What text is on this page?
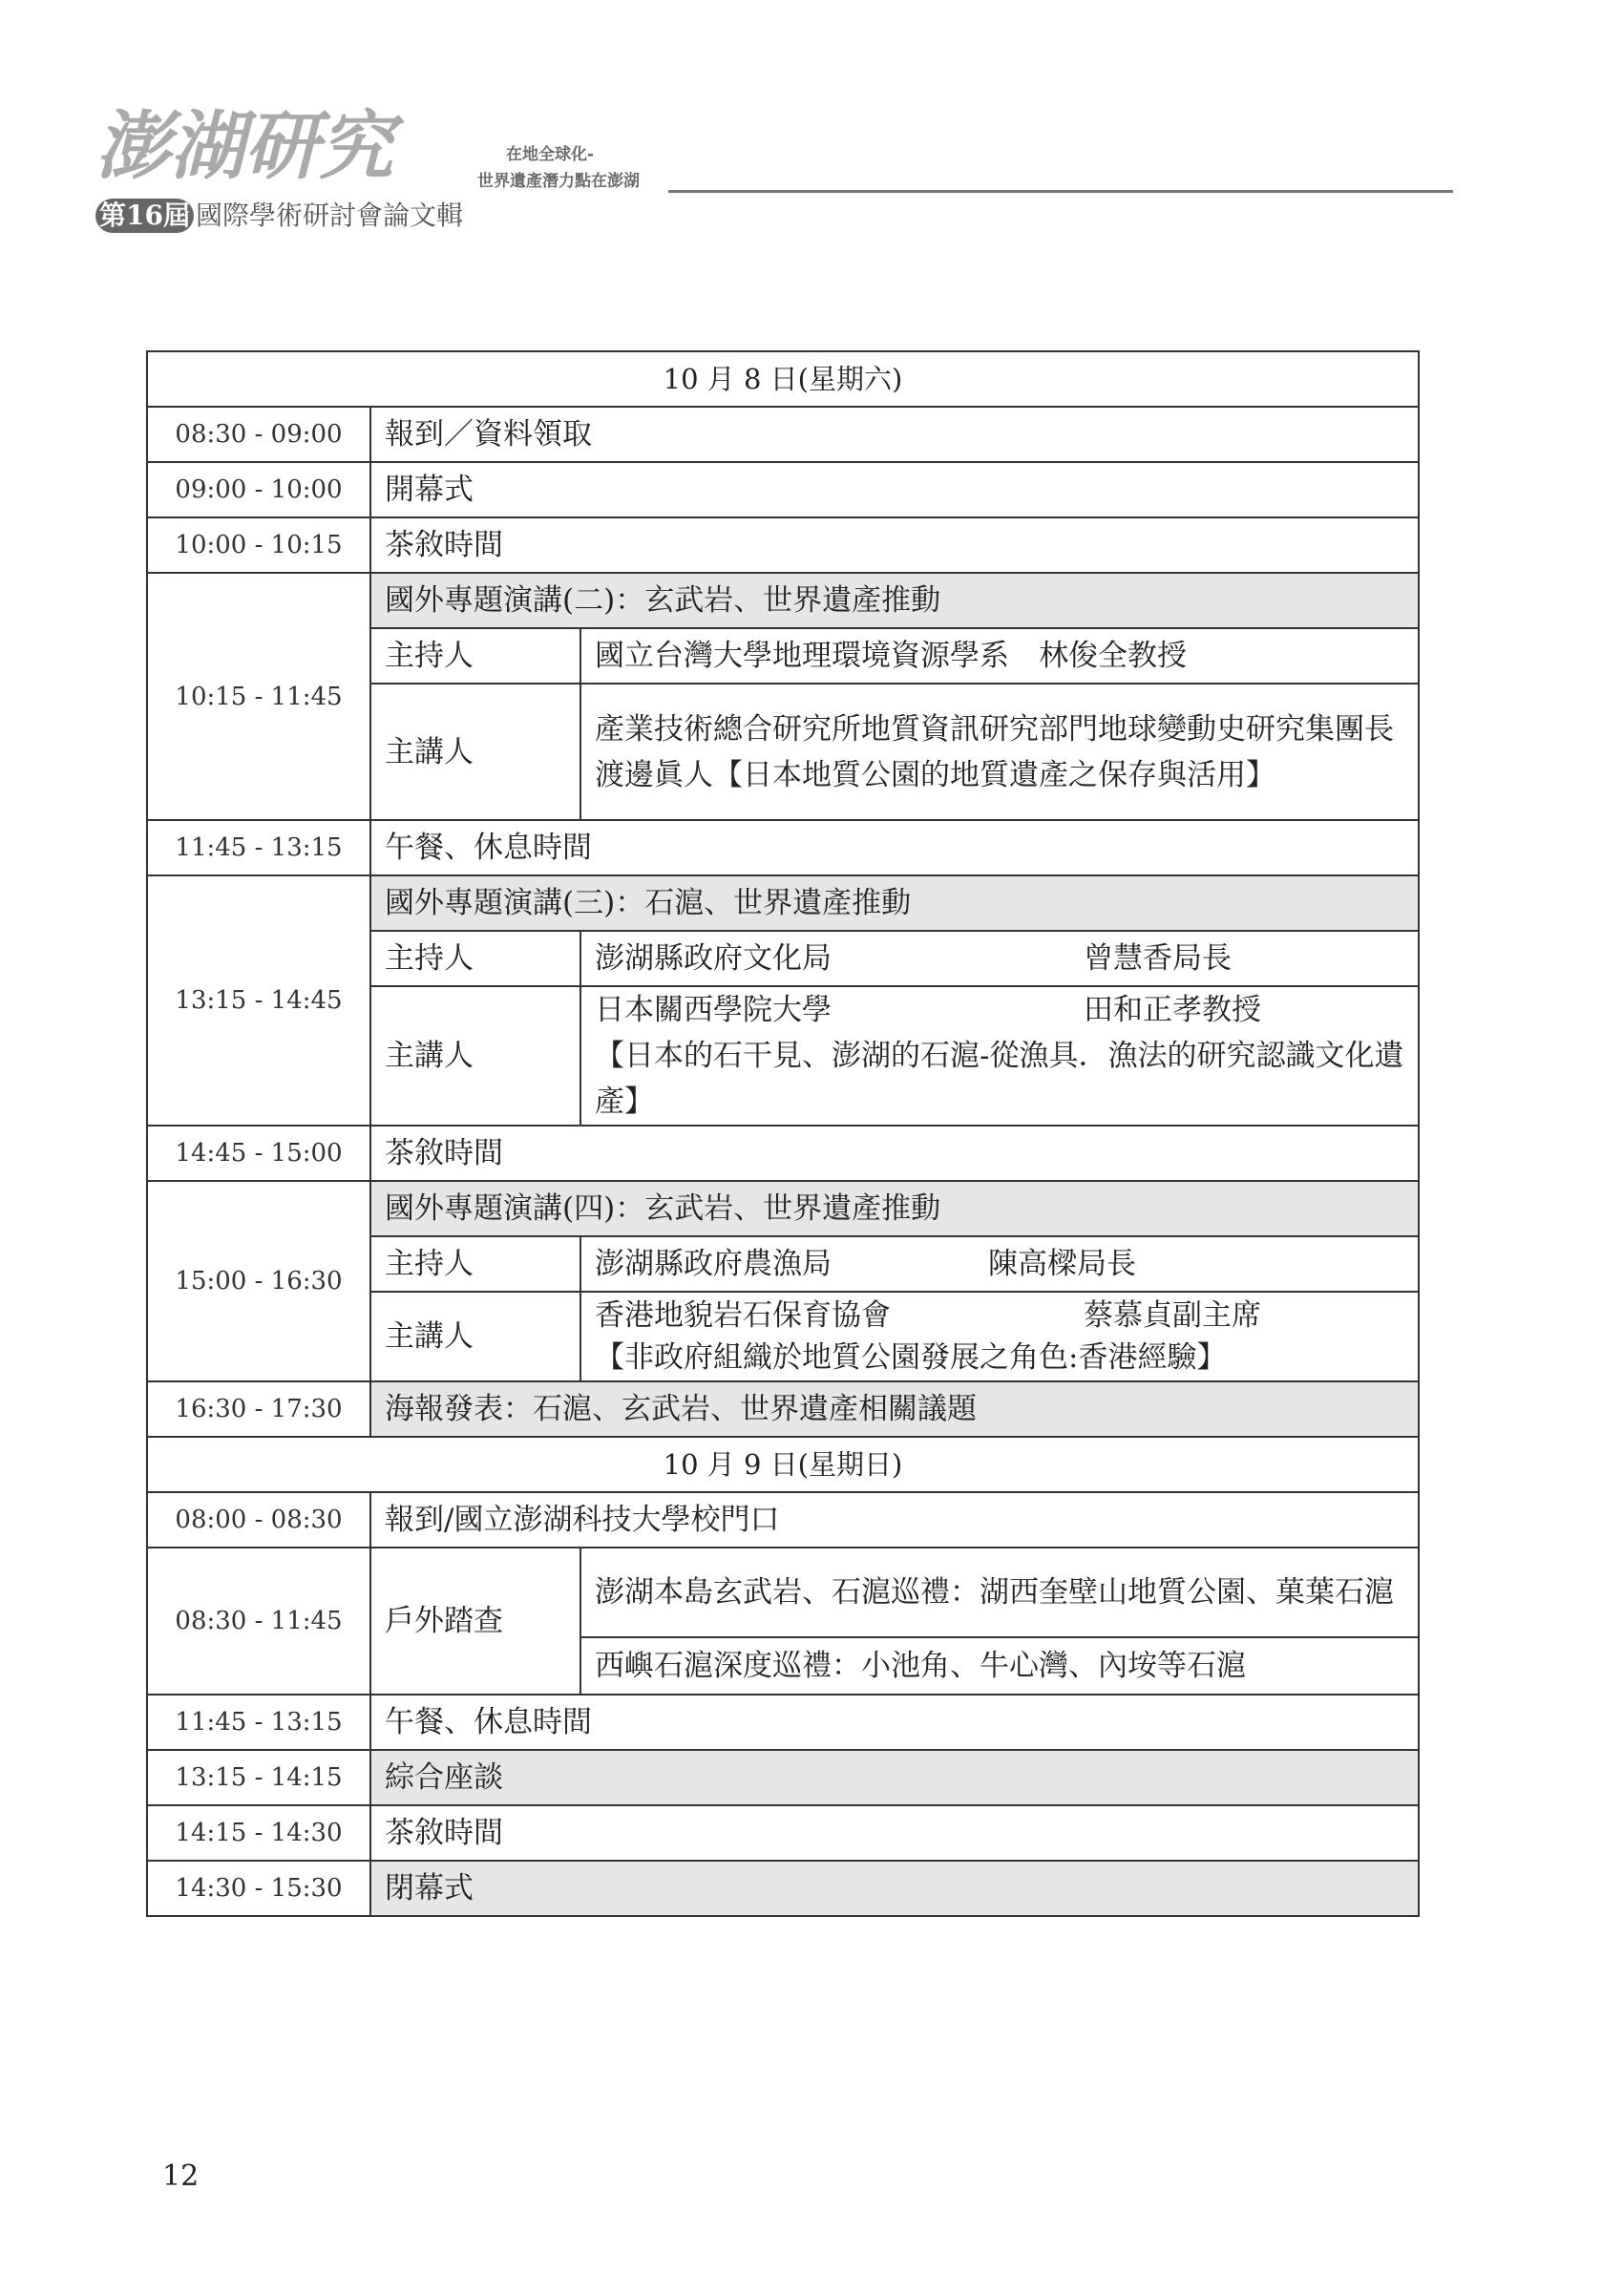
澎湖研究
第16屆 國際學術研討會論文輯
在地全球化-
世界遺產潛力點在澎湖
10 月 8 日(星期六)		
08:30 - 09:00	報到／資料領取	
09:00 - 10:00	開幕式	
10:00 - 10:15	茶敘時間	
10:15 - 11:45	國外專題演講(二)：玄武岩、世界遺產推動	
	主持人	國立台灣大學地理環境資源學系　林俊全教授
	主講人	產業技術總合研究所地質資訊研究部門地球變動史研究集團長
渡邊眞人【日本地質公園的地質遺產之保存與活用】

11:45 - 13:15	午餐、休息時間	
13:15 - 14:45	國外專題演講(三)：石滬、世界遺產推動	
	主持人	澎湖縣政府文化局 曾慧香局長
	主講人	日本關西學院大學 田和正孝教授
【日本的石干見、澎湖的石滬-從漁具．漁法的研究認識文化遺產】

14:45 - 15:00	茶敘時間	
15:00 - 16:30	國外專題演講(四)：玄武岩、世界遺產推動	
	主持人	澎湖縣政府農漁局 陳高樑局長
	主講人	香港地貌岩石保育協會 蔡慕貞副主席
【非政府組織於地質公園發展之角色:香港經驗】

16:30 - 17:30	海報發表：石滬、玄武岩、世界遺產相關議題	
10 月 9 日(星期日)		
08:00 - 08:30	報到/國立澎湖科技大學校門口	
08:30 - 11:45	戶外踏查	澎湖本島玄武岩、石滬巡禮：湖西奎壁山地質公園、菓葉石滬
		西嶼石滬深度巡禮：小池角、牛心灣、內垵等石滬
11:45 - 13:15	午餐、休息時間	
13:15 - 14:15	綜合座談	
14:15 - 14:30	茶敘時間	
14:30 - 15:30	閉幕式	
12
